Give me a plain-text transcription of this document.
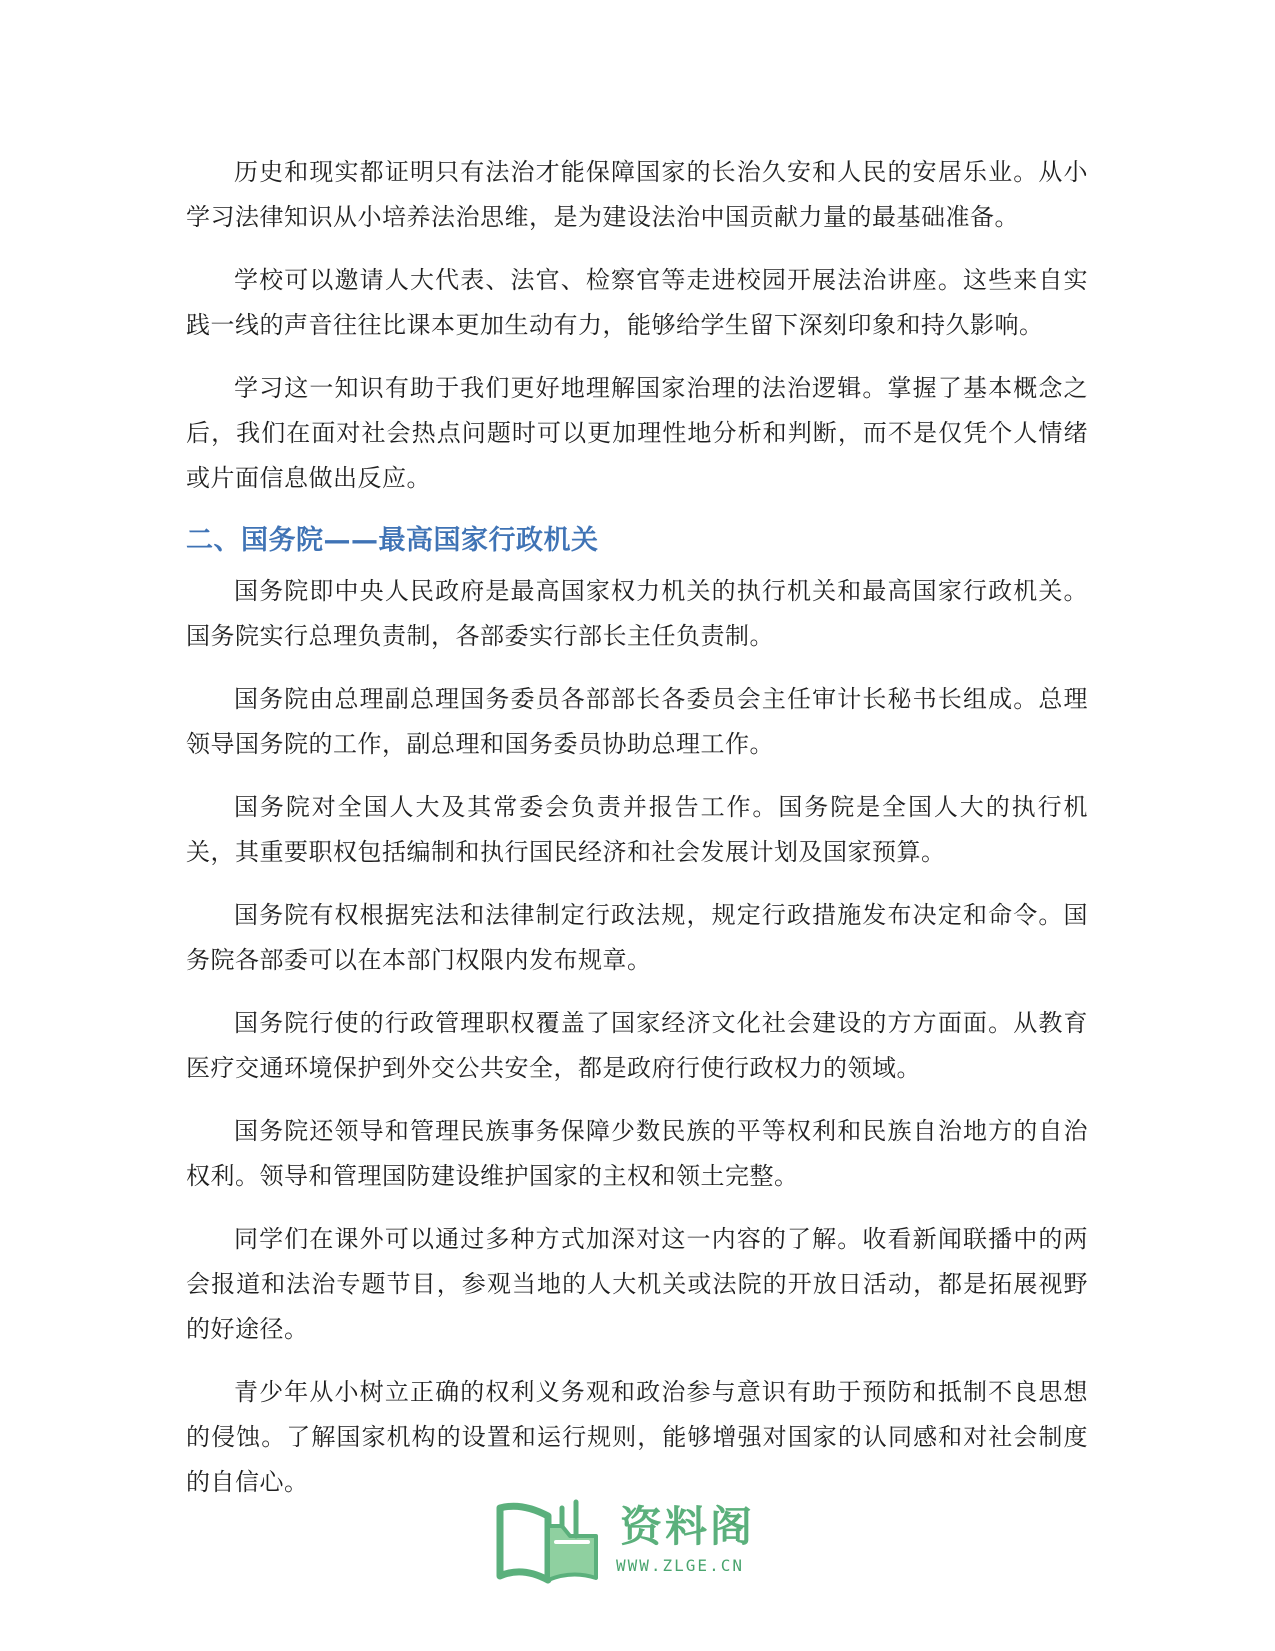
历史和现实都证明只有法治才能保障国家的长治久安和人民的安居乐业。从小学习法律知识从小培养法治思维，是为建设法治中国贡献力量的最基础准备。

学校可以邀请人大代表、法官、检察官等走进校园开展法治讲座。这些来自实践一线的声音往往比课本更加生动有力，能够给学生留下深刻印象和持久影响。

学习这一知识有助于我们更好地理解国家治理的法治逻辑。掌握了基本概念之后，我们在面对社会热点问题时可以更加理性地分析和判断，而不是仅凭个人情绪或片面信息做出反应。

二、国务院——最高国家行政机关

国务院即中央人民政府是最高国家权力机关的执行机关和最高国家行政机关。国务院实行总理负责制，各部委实行部长主任负责制。

国务院由总理副总理国务委员各部部长各委员会主任审计长秘书长组成。总理领导国务院的工作，副总理和国务委员协助总理工作。

国务院对全国人大及其常委会负责并报告工作。国务院是全国人大的执行机关，其重要职权包括编制和执行国民经济和社会发展计划及国家预算。

国务院有权根据宪法和法律制定行政法规，规定行政措施发布决定和命令。国务院各部委可以在本部门权限内发布规章。

国务院行使的行政管理职权覆盖了国家经济文化社会建设的方方面面。从教育医疗交通环境保护到外交公共安全，都是政府行使行政权力的领域。

国务院还领导和管理民族事务保障少数民族的平等权利和民族自治地方的自治权利。领导和管理国防建设维护国家的主权和领土完整。

同学们在课外可以通过多种方式加深对这一内容的了解。收看新闻联播中的两会报道和法治专题节目，参观当地的人大机关或法院的开放日活动，都是拓展视野的好途径。

青少年从小树立正确的权利义务观和政治参与意识有助于预防和抵制不良思想的侵蚀。了解国家机构的设置和运行规则，能够增强对国家的认同感和对社会制度的自信心。

资料阁
WWW.ZLGE.CN
